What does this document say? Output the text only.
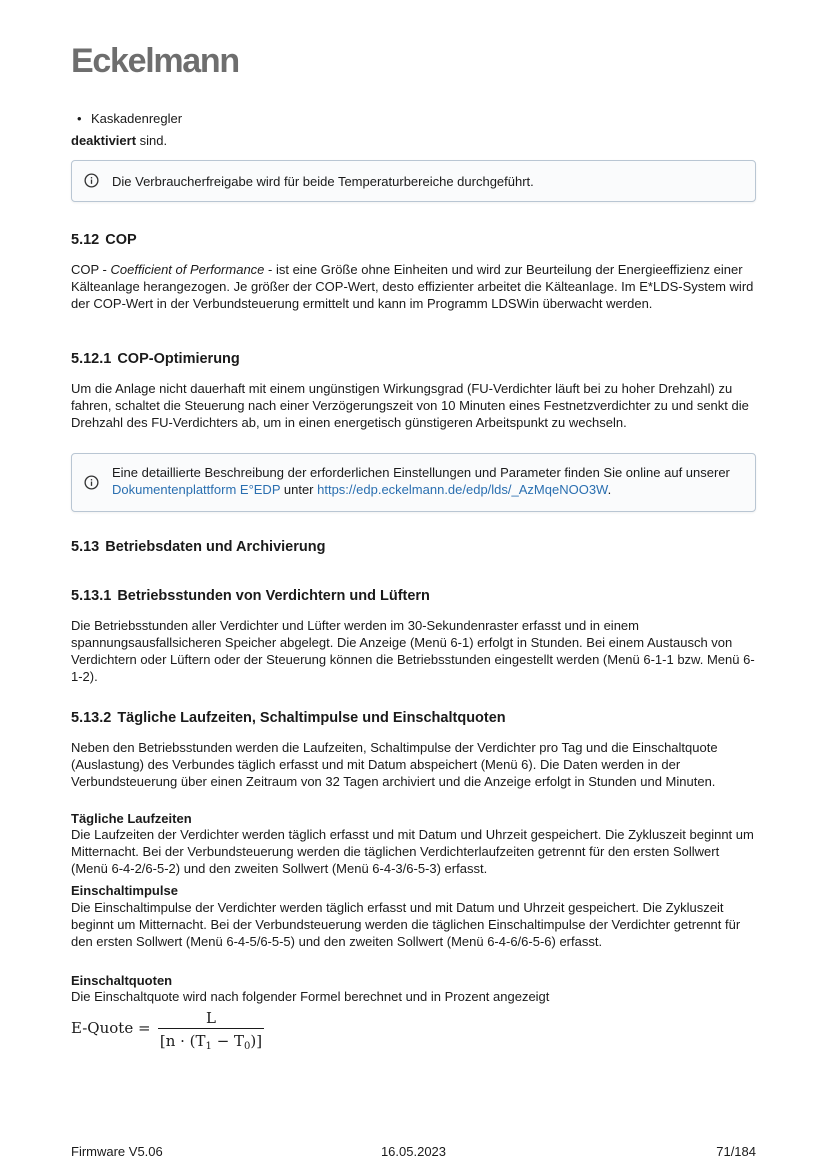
Eckelmann
• Kaskadenregler
deaktiviert sind.
Die Verbraucherfreigabe wird für beide Temperaturbereiche durchgeführt.
5.12 COP

COP - Coefficient of Performance - ist eine Größe ohne Einheiten und wird zur Beurteilung der Energieeffizienz einer Kälteanlage herangezogen. Je größer der COP-Wert, desto effizienter arbeitet die Kälteanlage. Im E*LDS-System wird der COP-Wert in der Verbundsteuerung ermittelt und kann im Programm LDSWin überwacht werden.

5.12.1 COP-Optimierung

Um die Anlage nicht dauerhaft mit einem ungünstigen Wirkungsgrad (FU-Verdichter läuft bei zu hoher Drehzahl) zu fahren, schaltet die Steuerung nach einer Verzögerungszeit von 10 Minuten eines Festnetzverdichter zu und senkt die Drehzahl des FU-Verdichters ab, um in einen energetisch günstigeren Arbeitspunkt zu wechseln.

Eine detaillierte Beschreibung der erforderlichen Einstellungen und Parameter finden Sie online auf unserer Dokumentenplattform E°EDP unter https://edp.eckelmann.de/edp/lds/_AzMqeNOO3W.
5.13 Betriebsdaten und Archivierung
5.13.1 Betriebsstunden von Verdichtern und Lüftern

Die Betriebsstunden aller Verdichter und Lüfter werden im 30-Sekundenraster erfasst und in einem spannungsausfallsicheren Speicher abgelegt. Die Anzeige (Menü 6-1) erfolgt in Stunden. Bei einem Austausch von Verdichtern oder Lüftern oder der Steuerung können die Betriebsstunden eingestellt werden (Menü 6-1-1 bzw. Menü 6-1-2).

5.13.2 Tägliche Laufzeiten, Schaltimpulse und Einschaltquoten

Neben den Betriebsstunden werden die Laufzeiten, Schaltimpulse der Verdichter pro Tag und die Einschaltquote (Auslastung) des Verbundes täglich erfasst und mit Datum abspeichert (Menü 6). Die Daten werden in der Verbundsteuerung über einen Zeitraum von 32 Tagen archiviert und die Anzeige erfolgt in Stunden und Minuten.

Tägliche Laufzeiten

Die Laufzeiten der Verdichter werden täglich erfasst und mit Datum und Uhrzeit gespeichert. Die Zykluszeit beginnt um Mitternacht. Bei der Verbundsteuerung werden die täglichen Verdichterlaufzeiten getrennt für den ersten Sollwert (Menü 6-4-2/6-5-2) und den zweiten Sollwert (Menü 6-4-3/6-5-3) erfasst.

Einschaltimpulse

Die Einschaltimpulse der Verdichter werden täglich erfasst und mit Datum und Uhrzeit gespeichert. Die Zykluszeit beginnt um Mitternacht. Bei der Verbundsteuerung werden die täglichen Einschaltimpulse der Verdichter getrennt für den ersten Sollwert (Menü 6-4-5/6-5-5) und den zweiten Sollwert (Menü 6-4-6/6-5-6) erfasst.

Einschaltquoten

Die Einschaltquote wird nach folgender Formel berechnet und in Prozent angezeigt

E-Quote =
L
$[n \cdot (T_1 - T_0)]$
Firmware V5.06	16.05.2023	71/184
